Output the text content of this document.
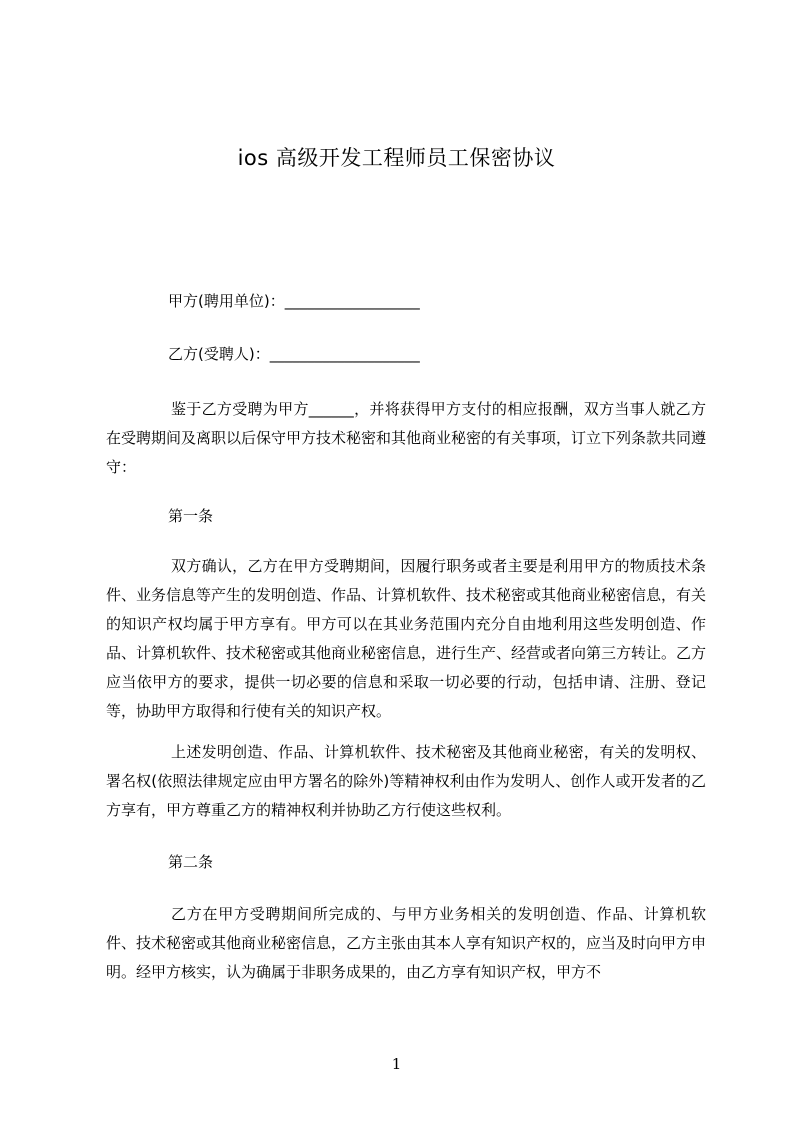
ios 高级开发工程师员工保密协议
甲方(聘用单位)：__________________
乙方(受聘人)：____________________
鉴于乙方受聘为甲方______，并将获得甲方支付的相应报酬，双方当事人就乙方在受聘期间及离职以后保守甲方技术秘密和其他商业秘密的有关事项，订立下列条款共同遵守：
第一条
双方确认，乙方在甲方受聘期间，因履行职务或者主要是利用甲方的物质技术条件、业务信息等产生的发明创造、作品、计算机软件、技术秘密或其他商业秘密信息，有关的知识产权均属于甲方享有。甲方可以在其业务范围内充分自由地利用这些发明创造、作品、计算机软件、技术秘密或其他商业秘密信息，进行生产、经营或者向第三方转让。乙方应当依甲方的要求，提供一切必要的信息和采取一切必要的行动，包括申请、注册、登记等，协助甲方取得和行使有关的知识产权。
上述发明创造、作品、计算机软件、技术秘密及其他商业秘密，有关的发明权、署名权(依照法律规定应由甲方署名的除外)等精神权利由作为发明人、创作人或开发者的乙方享有，甲方尊重乙方的精神权利并协助乙方行使这些权利。
第二条
乙方在甲方受聘期间所完成的、与甲方业务相关的发明创造、作品、计算机软件、技术秘密或其他商业秘密信息，乙方主张由其本人享有知识产权的，应当及时向甲方申明。经甲方核实，认为确属于非职务成果的，由乙方享有知识产权，甲方不
1
